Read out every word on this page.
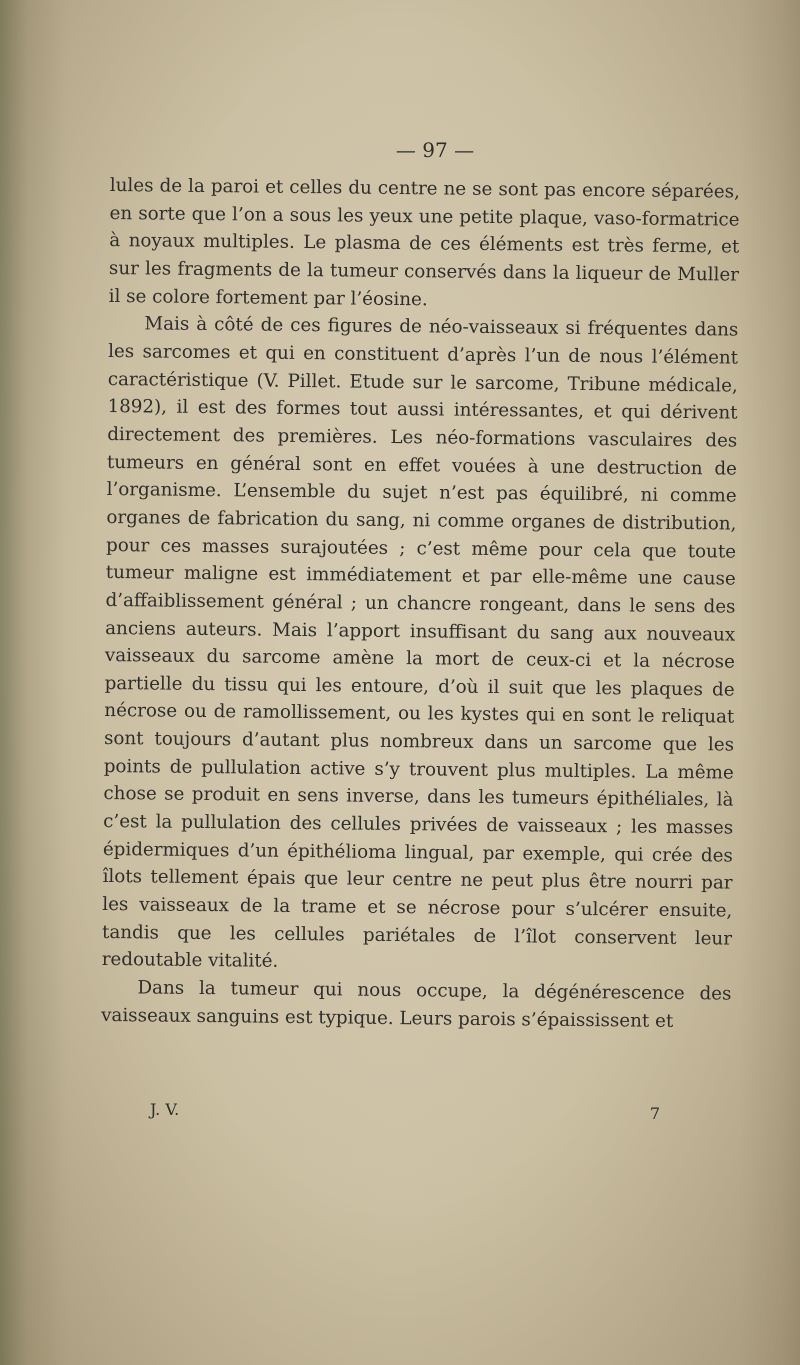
— 97 —

lules de la paroi et celles du centre ne se sont pas encore séparées, en sorte que l’on a sous les yeux une petite plaque, vaso-formatrice à noyaux multiples. Le plasma de ces éléments est très ferme, et sur les fragments de la tumeur conservés dans la liqueur de Muller il se colore fortement par l’éosine.

Mais à côté de ces figures de néo-vaisseaux si fréquentes dans les sarcomes et qui en constituent d’après l’un de nous l’élément caractéristique (V. Pillet. Etude sur le sarcome, Tribune médicale, 1892), il est des formes tout aussi intéressantes, et qui dérivent directement des premières. Les néo-formations vasculaires des tumeurs en général sont en effet vouées à une destruction de l’organisme. L’ensemble du sujet n’est pas équilibré, ni comme organes de fabrication du sang, ni comme organes de distribution, pour ces masses surajoutées ; c’est même pour cela que toute tumeur maligne est immédiatement et par elle-même une cause d’affaiblissement général ; un chancre rongeant, dans le sens des anciens auteurs. Mais l’apport insuffisant du sang aux nouveaux vaisseaux du sarcome amène la mort de ceux-ci et la nécrose partielle du tissu qui les entoure, d’où il suit que les plaques de nécrose ou de ramollissement, ou les kystes qui en sont le reliquat sont toujours d’autant plus nombreux dans un sarcome que les points de pullulation active s’y trouvent plus multiples. La même chose se produit en sens inverse, dans les tumeurs épithéliales, là c’est la pullulation des cellules privées de vaisseaux ; les masses épidermiques d’un épithélioma lingual, par exemple, qui crée des îlots tellement épais que leur centre ne peut plus être nourri par les vaisseaux de la trame et se nécrose pour s’ulcérer ensuite, tandis que les cellules pariétales de l’îlot conservent leur redoutable vitalité.

Dans la tumeur qui nous occupe, la dégénérescence des vaisseaux sanguins est typique. Leurs parois s’épaississent et

J. V.	7
